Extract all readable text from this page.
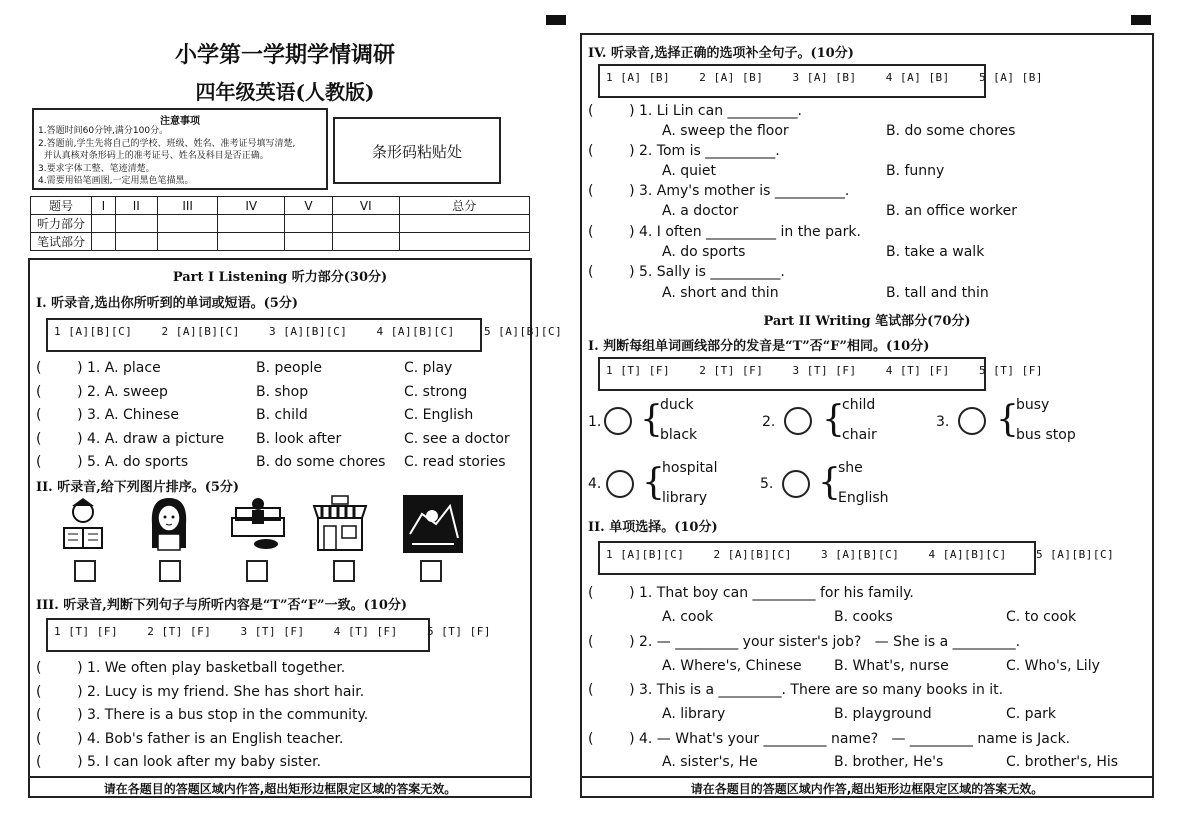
小学第一学期学情调研
四年级英语(人教版)
注意事项
1.答题时间60分钟,满分100分。
2.答题前,学生先将自己的学校、班级、姓名、准考证号填写清楚,
并认真核对条形码上的准考证号、姓名及科目是否正确。
3.要求字体工整、笔迹清楚。
4.需要用铅笔画图,一定用黑色笔描黑。
条形码粘贴处
题号	I	II	III	IV	V	VI	总分
听力部分							
笔试部分							
Part I Listening 听力部分(30分)
I. 听录音,选出你所听到的单词或短语。(5分)
1 [A][B][C]	2 [A][B][C]	3 [A][B][C]	4 [A][B][C]	5 [A][B][C]
(        ) 1. A. place	B. people	C. play
(        ) 2. A. sweep	B. shop	C. strong
(        ) 3. A. Chinese	B. child	C. English
(        ) 4. A. draw a picture B. look after	C. see a doctor
(        ) 5. A. do sports	B. do some chores C. read stories
II. 听录音,给下列图片排序。(5分)
III. 听录音,判断下列句子与所听内容是“T”否“F”一致。(10分)
1 [T] [F]	2 [T] [F]	3 [T] [F]	4 [T] [F]	5 [T] [F]
(        ) 1. We often play basketball together.
(        ) 2. Lucy is my friend. She has short hair.
(        ) 3. There is a bus stop in the community.
(        ) 4. Bob's father is an English teacher.
(        ) 5. I can look after my baby sister.
请在各题目的答题区域内作答,超出矩形边框限定区域的答案无效。
IV. 听录音,选择正确的选项补全句子。(10分)
1 [A] [B]	2 [A] [B]	3 [A] [B]	4 [A] [B]	5 [A] [B]
(        ) 1. Li Lin can __________.
A. sweep the floor	B. do some chores
(        ) 2. Tom is __________.
A. quiet	B. funny
(        ) 3. Amy's mother is __________.
A. a doctor	B. an office worker
(        ) 4. I often __________ in the park.
A. do sports	B. take a walk
(        ) 5. Sally is __________.
A. short and thin	B. tall and thin
Part II Writing 笔试部分(70分)
I. 判断每组单词画线部分的发音是“T”否“F”相同。(10分)
1 [T] [F]	2 [T] [F]	3 [T] [F]	4 [T] [F]	5 [T] [F]
1. {
duck
black
2. {
child
chair
3. {
busy
bus stop
4. {
hospital
library
5. {
she
English
II. 单项选择。(10分)
1 [A][B][C]	2 [A][B][C]	3 [A][B][C]	4 [A][B][C]	5 [A][B][C]
(        ) 1. That boy can _________ for his family.
A. cook	B. cooks	C. to cook
(        ) 2. — _________ your sister's job?   — She is a _________.
A. Where's, Chinese B. What's, nurse	C. Who's, Lily
(        ) 3. This is a _________. There are so many books in it.
A. library	B. playground	C. park
(        ) 4. — What's your _________ name?   — _________ name is Jack.
A. sister's, He	B. brother, He's	C. brother's, His
请在各题目的答题区域内作答,超出矩形边框限定区域的答案无效。
